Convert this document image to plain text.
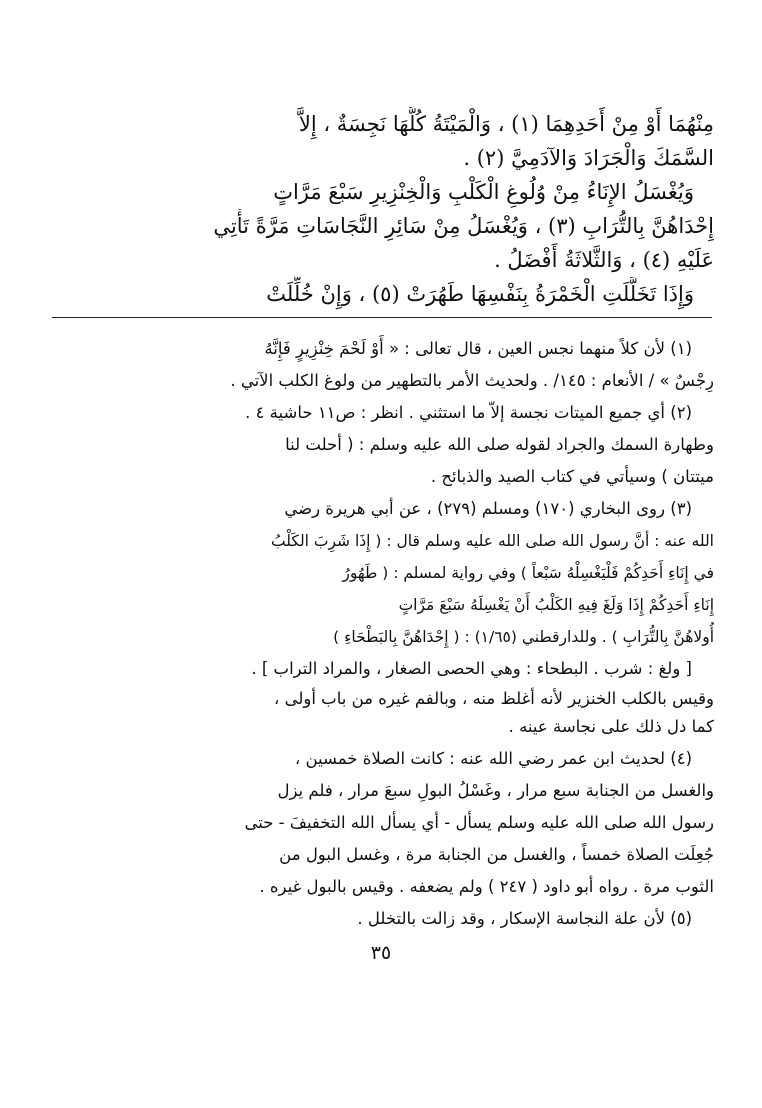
مِنْهُمَا أَوْ مِنْ أَحَدِهِمَا (١) ، وَالْمَيْتَةُ كُلُّهَا نَجِسَةٌ ، إِلاَّ
السَّمَكَ وَالْجَرَادَ وَالآدَمِيَّ (٢) .
وَيُغْسَلُ الإِنَاءُ مِنْ وُلُوغِ الْكَلْبِ وَالْخِنْزِيرِ سَبْعَ مَرَّاتٍ
إِحْدَاهُنَّ بِالتُّرَابِ (٣) ، وَيُغْسَلُ مِنْ سَائِرِ النَّجَاسَاتِ مَرَّةً تَأْتِي
عَلَيْهِ (٤) ، وَالثَّلاثَةُ أَفْضَلُ .
وَإِذَا تَخَلَّلَتِ الْخَمْرَةُ بِنَفْسِهَا طَهُرَتْ (٥) ، وَإِنْ خُلِّلَتْ
(١) لأن كلاً منهما نجس العين ، قال تعالى : « أَوْ لَحْمَ خِنْزِيرٍ فَإِنَّهُ
رِجْسٌ » / الأنعام : ١٤٥/ . ولحديث الأمر بالتطهير من ولوغ الكلب الآتي .
(٢) أي جميع الميتات نجسة إلاّ ما استثني . انظر : ص١١ حاشية ٤ .
وطهارة السمك والجراد لقوله صلى الله عليه وسلم : ( أحلت لنا
ميتتان ) وسيأتي في كتاب الصيد والذبائح .
(٣) روى البخاري (١٧٠) ومسلم (٢٧٩) ، عن أبي هريرة رضي
الله عنه : أنَّ رسول الله صلى الله عليه وسلم قال : ( إِذَا شَرِبَ الكَلْبُ
في إِنَاءِ أَحَدِكُمْ فَلْيَغْسِلْهُ سَبْعاً ) وفي رواية لمسلم : ( طَهُورُ
إِنَاءِ أَحَدِكُمْ إِذَا وَلَغَ فِيهِ الكَلْبُ أَنْ يَغْسِلَهُ سَبْعَ مَرَّاتٍ
أُولاهُنَّ بِالتُّرَابِ ) . وللدارقطني (١/٦٥) : ( إِحْدَاهُنَّ بِالبَطْحَاءِ )
[ ولغ : شرب . البطحاء : وهي الحصى الصغار ، والمراد التراب ] .
وقيس بالكلب الخنزير لأنه أغلظ منه ، وبالفم غيره من باب أولى ،
كما دل ذلك على نجاسة عينه .
(٤) لحديث ابن عمر رضي الله عنه : كانت الصلاة خمسين ،
والغسل من الجنابة سبع مرار ، وغَسْلُ البولِ سبعَ مرار ، فلم يزل
رسول الله صلى الله عليه وسلم يسأل - أي يسأل الله التخفيفَ - حتى
جُعِلَت الصلاة خمساً ، والغسل من الجنابة مرة ، وغسل البول من
الثوب مرة . رواه أبو داود ( ٢٤٧ ) ولم يضعفه . وقيس بالبول غيره .
(٥) لأن علة النجاسة الإسكار ، وقد زالت بالتخلل .
٣٥
